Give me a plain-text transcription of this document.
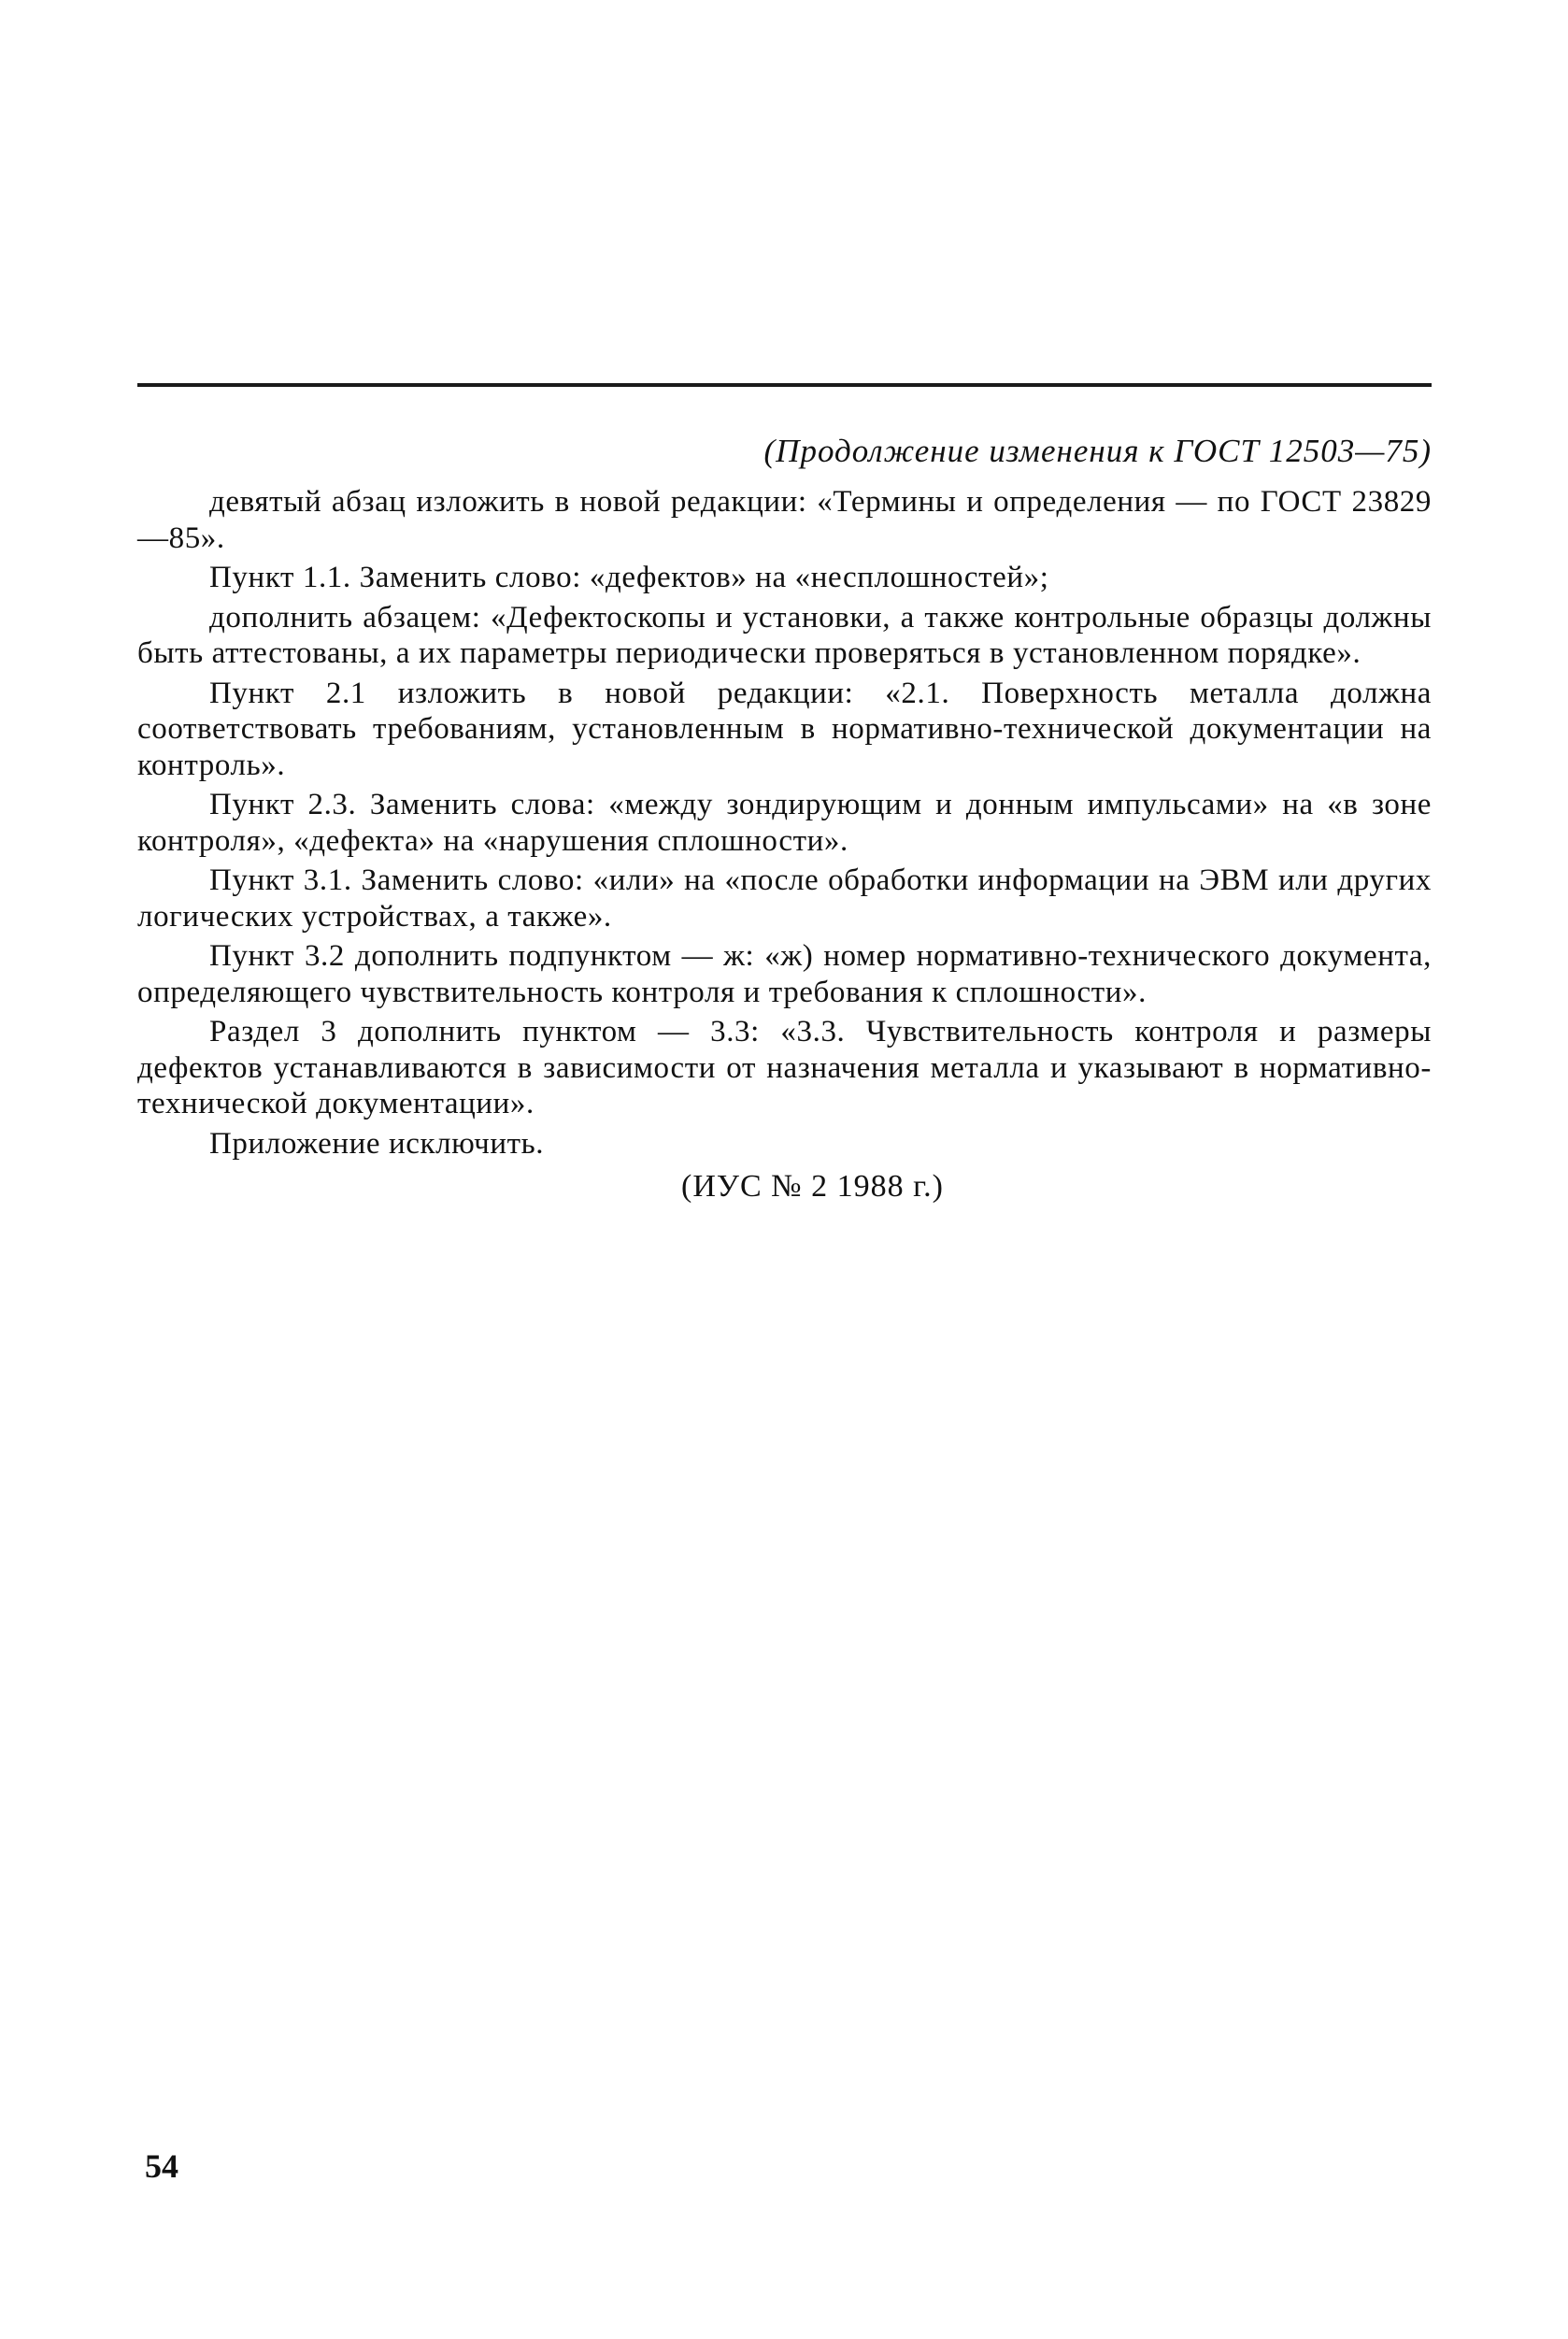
(Продолжение изменения к ГОСТ 12503—75)

девятый абзац изложить в новой редакции: «Термины и определения — по ГОСТ 23829—85».

Пункт 1.1. Заменить слово: «дефектов» на «несплошностей»;

дополнить абзацем: «Дефектоскопы и установки, а также контрольные образцы должны быть аттестованы, а их параметры периодически проверяться в установленном порядке».

Пункт 2.1 изложить в новой редакции: «2.1. Поверхность металла должна соответствовать требованиям, установленным в нормативно-технической документации на контроль».

Пункт 2.3. Заменить слова: «между зондирующим и донным импульсами» на «в зоне контроля», «дефекта» на «нарушения сплошности».

Пункт 3.1. Заменить слово: «или» на «после обработки информации на ЭВМ или других логических устройствах, а также».

Пункт 3.2 дополнить подпунктом — ж: «ж) номер нормативно-технического документа, определяющего чувствительность контроля и требования к сплошности».

Раздел 3 дополнить пунктом — 3.3: «3.3. Чувствительность контроля и размеры дефектов устанавливаются в зависимости от назначения металла и указывают в нормативно-технической документации».

Приложение исключить.

(ИУС № 2 1988 г.)
54
